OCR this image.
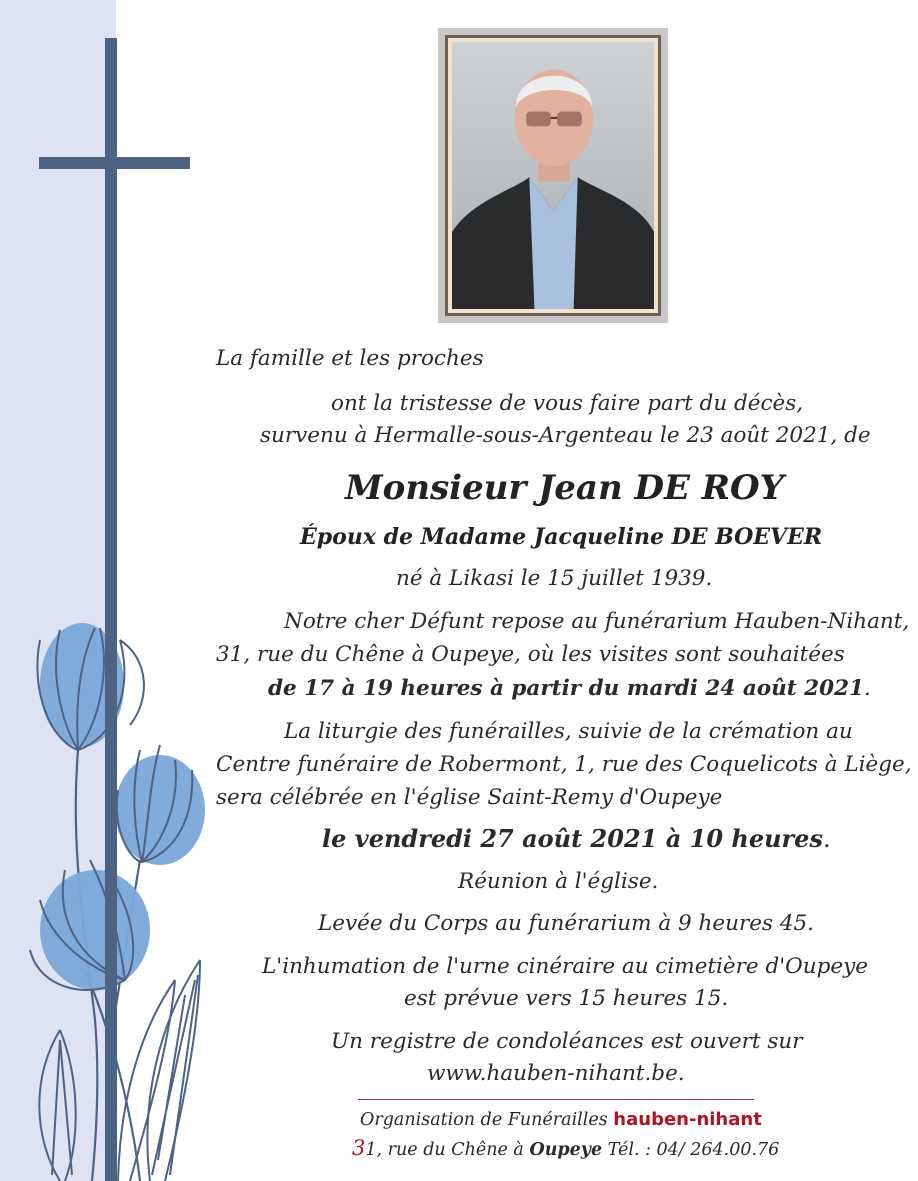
La famille et les proches
ont la tristesse de vous faire part du décès,
survenu à Hermalle-sous-Argenteau le 23 août 2021, de
Monsieur Jean DE ROY
Époux de Madame Jacqueline DE BOEVER
né à Likasi le 15 juillet 1939.
Notre cher Défunt repose au funérarium Hauben-Nihant,
31, rue du Chêne à Oupeye, où les visites sont souhaitées
de 17 à 19 heures à partir du mardi 24 août 2021.
La liturgie des funérailles, suivie de la crémation au
Centre funéraire de Robermont, 1, rue des Coquelicots à Liège,
sera célébrée en l'église Saint-Remy d'Oupeye
le vendredi 27 août 2021 à 10 heures.
Réunion à l'église.
Levée du Corps au funérarium à 9 heures 45.
L'inhumation de l'urne cinéraire au cimetière d'Oupeye
est prévue vers 15 heures 15.
Un registre de condoléances est ouvert sur
www.hauben-nihant.be.
Organisation de Funérailles hauben-nihant
31, rue du Chêne à Oupeye Tél. : 04/ 264.00.76
